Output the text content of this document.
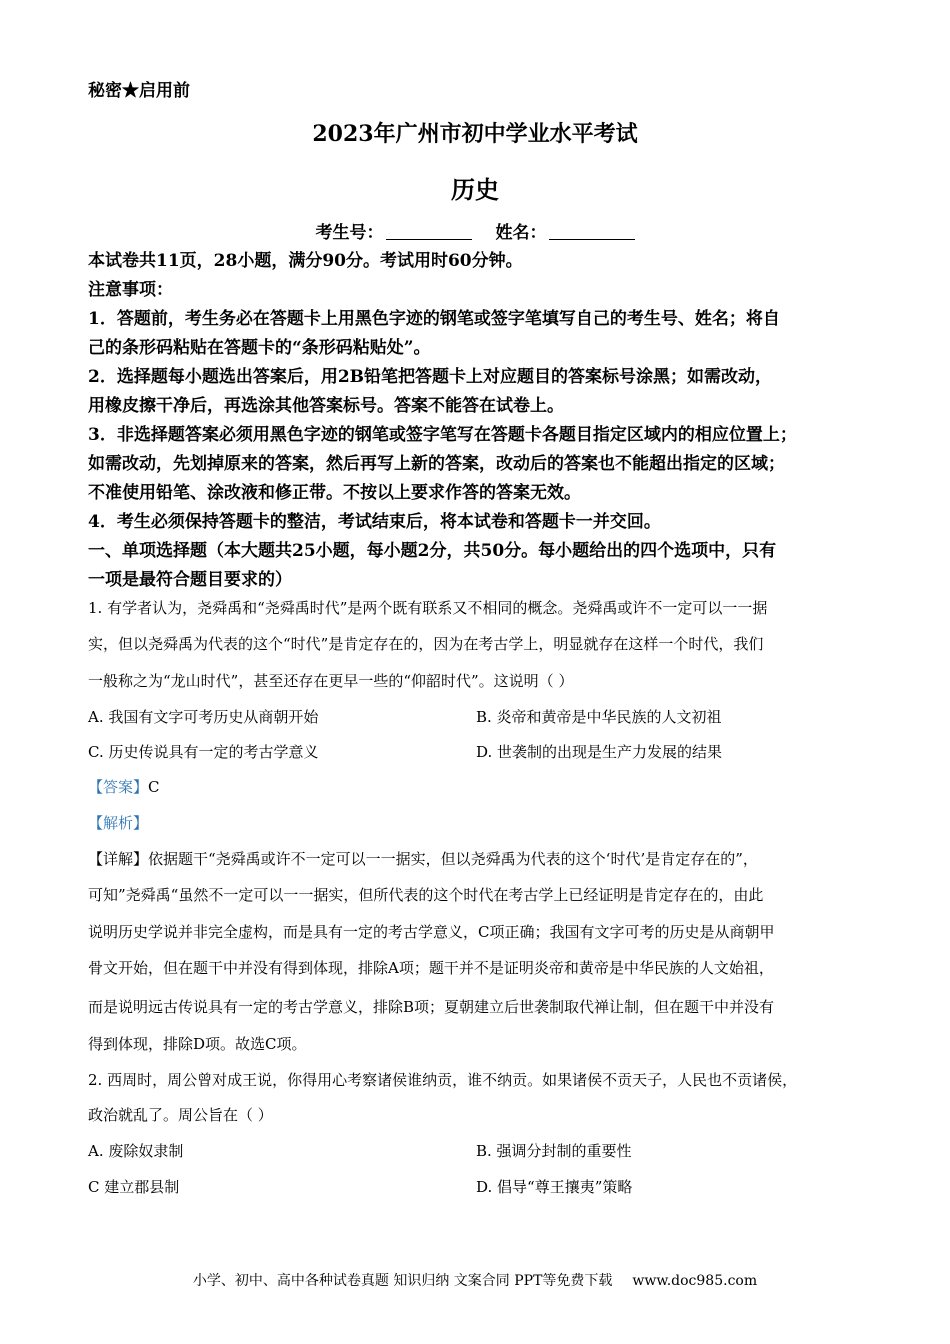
秘密★启用前
2023年广州市初中学业水平考试
历史
考生号：	姓名：
本试卷共11页，28小题，满分90分。考试用时60分钟。
注意事项：
1．答题前，考生务必在答题卡上用黑色字迹的钢笔或签字笔填写自己的考生号、姓名；将自
己的条形码粘贴在答题卡的“条形码粘贴处”。
2．选择题每小题选出答案后，用2B铅笔把答题卡上对应题目的答案标号涂黑；如需改动，
用橡皮擦干净后，再选涂其他答案标号。答案不能答在试卷上。
3．非选择题答案必须用黑色字迹的钢笔或签字笔写在答题卡各题目指定区域内的相应位置上；
如需改动，先划掉原来的答案，然后再写上新的答案，改动后的答案也不能超出指定的区域；
不准使用铅笔、涂改液和修正带。不按以上要求作答的答案无效。
4．考生必须保持答题卡的整洁，考试结束后，将本试卷和答题卡一并交回。
一、单项选择题（本大题共25小题，每小题2分，共50分。每小题给出的四个选项中，只有
一项是最符合题目要求的）
1. 有学者认为，尧舜禹和“尧舜禹时代”是两个既有联系又不相同的概念。尧舜禹或许不一定可以一一据
实，但以尧舜禹为代表的这个“时代”是肯定存在的，因为在考古学上，明显就存在这样一个时代，我们
一般称之为“龙山时代”，甚至还存在更早一些的“仰韶时代”。这说明（ ）
A. 我国有文字可考历史从商朝开始	B. 炎帝和黄帝是中华民族的人文初祖
C. 历史传说具有一定的考古学意义	D. 世袭制的出现是生产力发展的结果
【答案】C
【解析】
【详解】依据题干“尧舜禹或许不一定可以一一据实，但以尧舜禹为代表的这个‘时代’是肯定存在的”，
可知”尧舜禹“虽然不一定可以一一据实，但所代表的这个时代在考古学上已经证明是肯定存在的，由此
说明历史学说并非完全虚构，而是具有一定的考古学意义，C项正确；我国有文字可考的历史是从商朝甲
骨文开始，但在题干中并没有得到体现，排除A项；题干并不是证明炎帝和黄帝是中华民族的人文始祖，
而是说明远古传说具有一定的考古学意义，排除B项；夏朝建立后世袭制取代禅让制，但在题干中并没有
得到体现，排除D项。故选C项。
2. 西周时，周公曾对成王说，你得用心考察诸侯谁纳贡，谁不纳贡。如果诸侯不贡天子，人民也不贡诸侯，
政治就乱了。周公旨在（ ）
A. 废除奴隶制	B. 强调分封制的重要性
C 建立郡县制	D. 倡导“尊王攘夷”策略
小学、初中、高中各种试卷真题 知识归纳 文案合同 PPT等免费下载 www.doc985.com
